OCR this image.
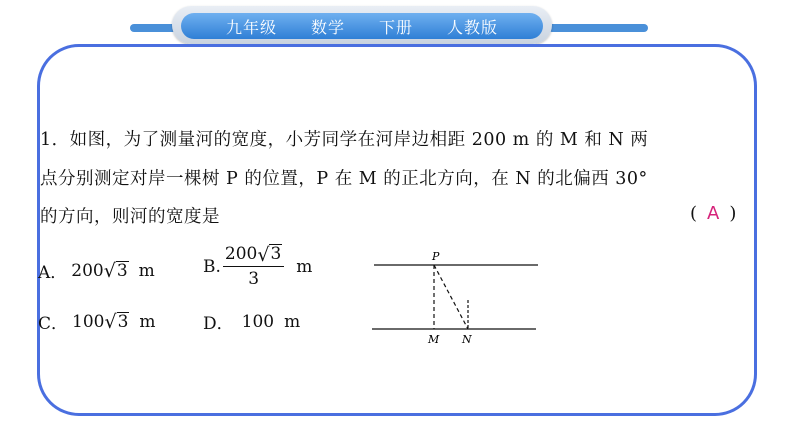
九年级 数学 下册 人教版
1．如图，为了测量河的宽度，小芳同学在河岸边相距 200 m 的 M 和 N 两
点分别测定对岸一棵树 P 的位置，P 在 M 的正北方向，在 N 的北偏西 30°
的方向，则河的宽度是	( A )
A． 200 √ 3 m	B. $\frac{200 √ 3}{3}$ m
C． 100 √ 3 m	D． 100 m
P
M N
